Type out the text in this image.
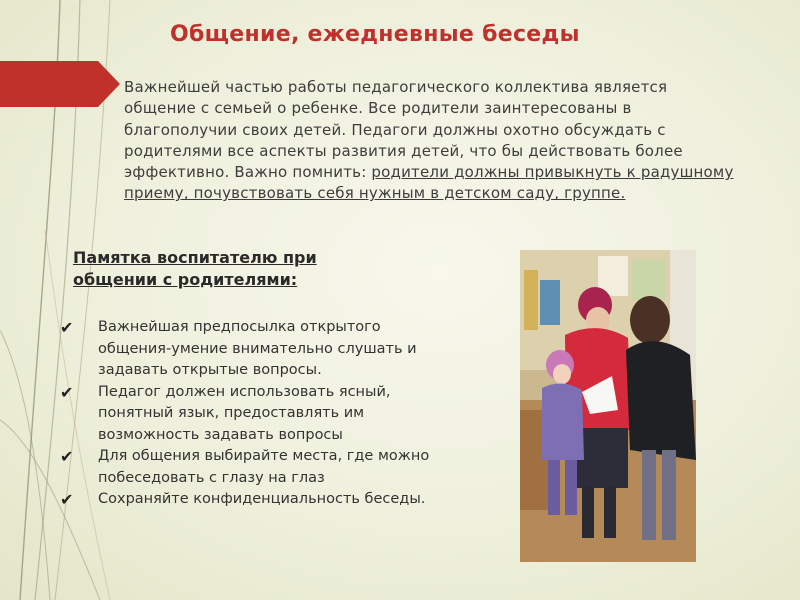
Общение, ежедневные беседы
Важнейшей частью работы педагогического коллектива является общение с семьей о ребенке. Все родители заинтересованы в благополучии своих детей. Педагоги должны охотно обсуждать с родителями все аспекты развития детей, что бы действовать более эффективно. Важно помнить: родители должны привыкнуть к радушному приему, почувствовать себя нужным в детском саду, группе.
Памятка воспитателю при общении с родителями:
✔ Важнейшая предпосылка открытого общения-умение внимательно слушать и задавать открытые вопросы.
✔ Педагог должен использовать ясный, понятный язык, предоставлять им возможность задавать вопросы
✔ Для общения выбирайте места, где можно побеседовать с глазу на глаз
✔ Сохраняйте конфиденциальность беседы.
